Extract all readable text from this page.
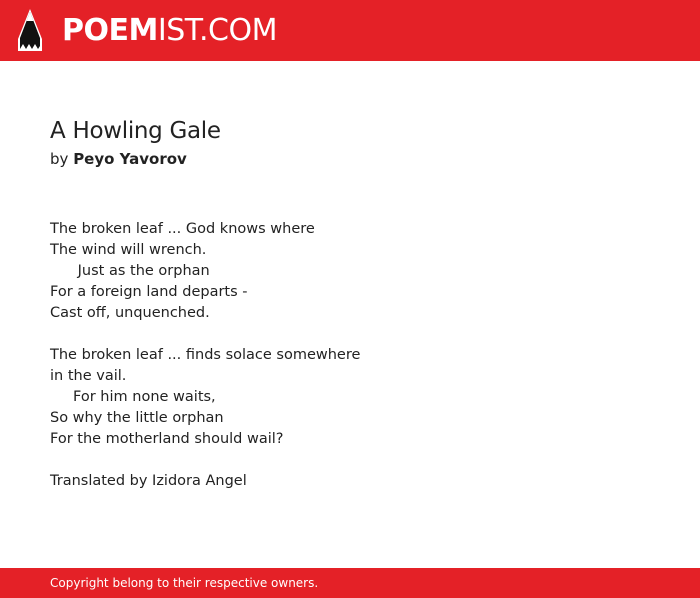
POEMIST.COM
A Howling Gale
by Peyo Yavorov
The broken leaf ... God knows where
The wind will wrench.
Just as the orphan
For a foreign land departs -
Cast off, unquenched.
The broken leaf ... finds solace somewhere
in the vail.
For him none waits,
So why the little orphan
For the motherland should wail?
Translated by Izidora Angel
Copyright belong to their respective owners.
